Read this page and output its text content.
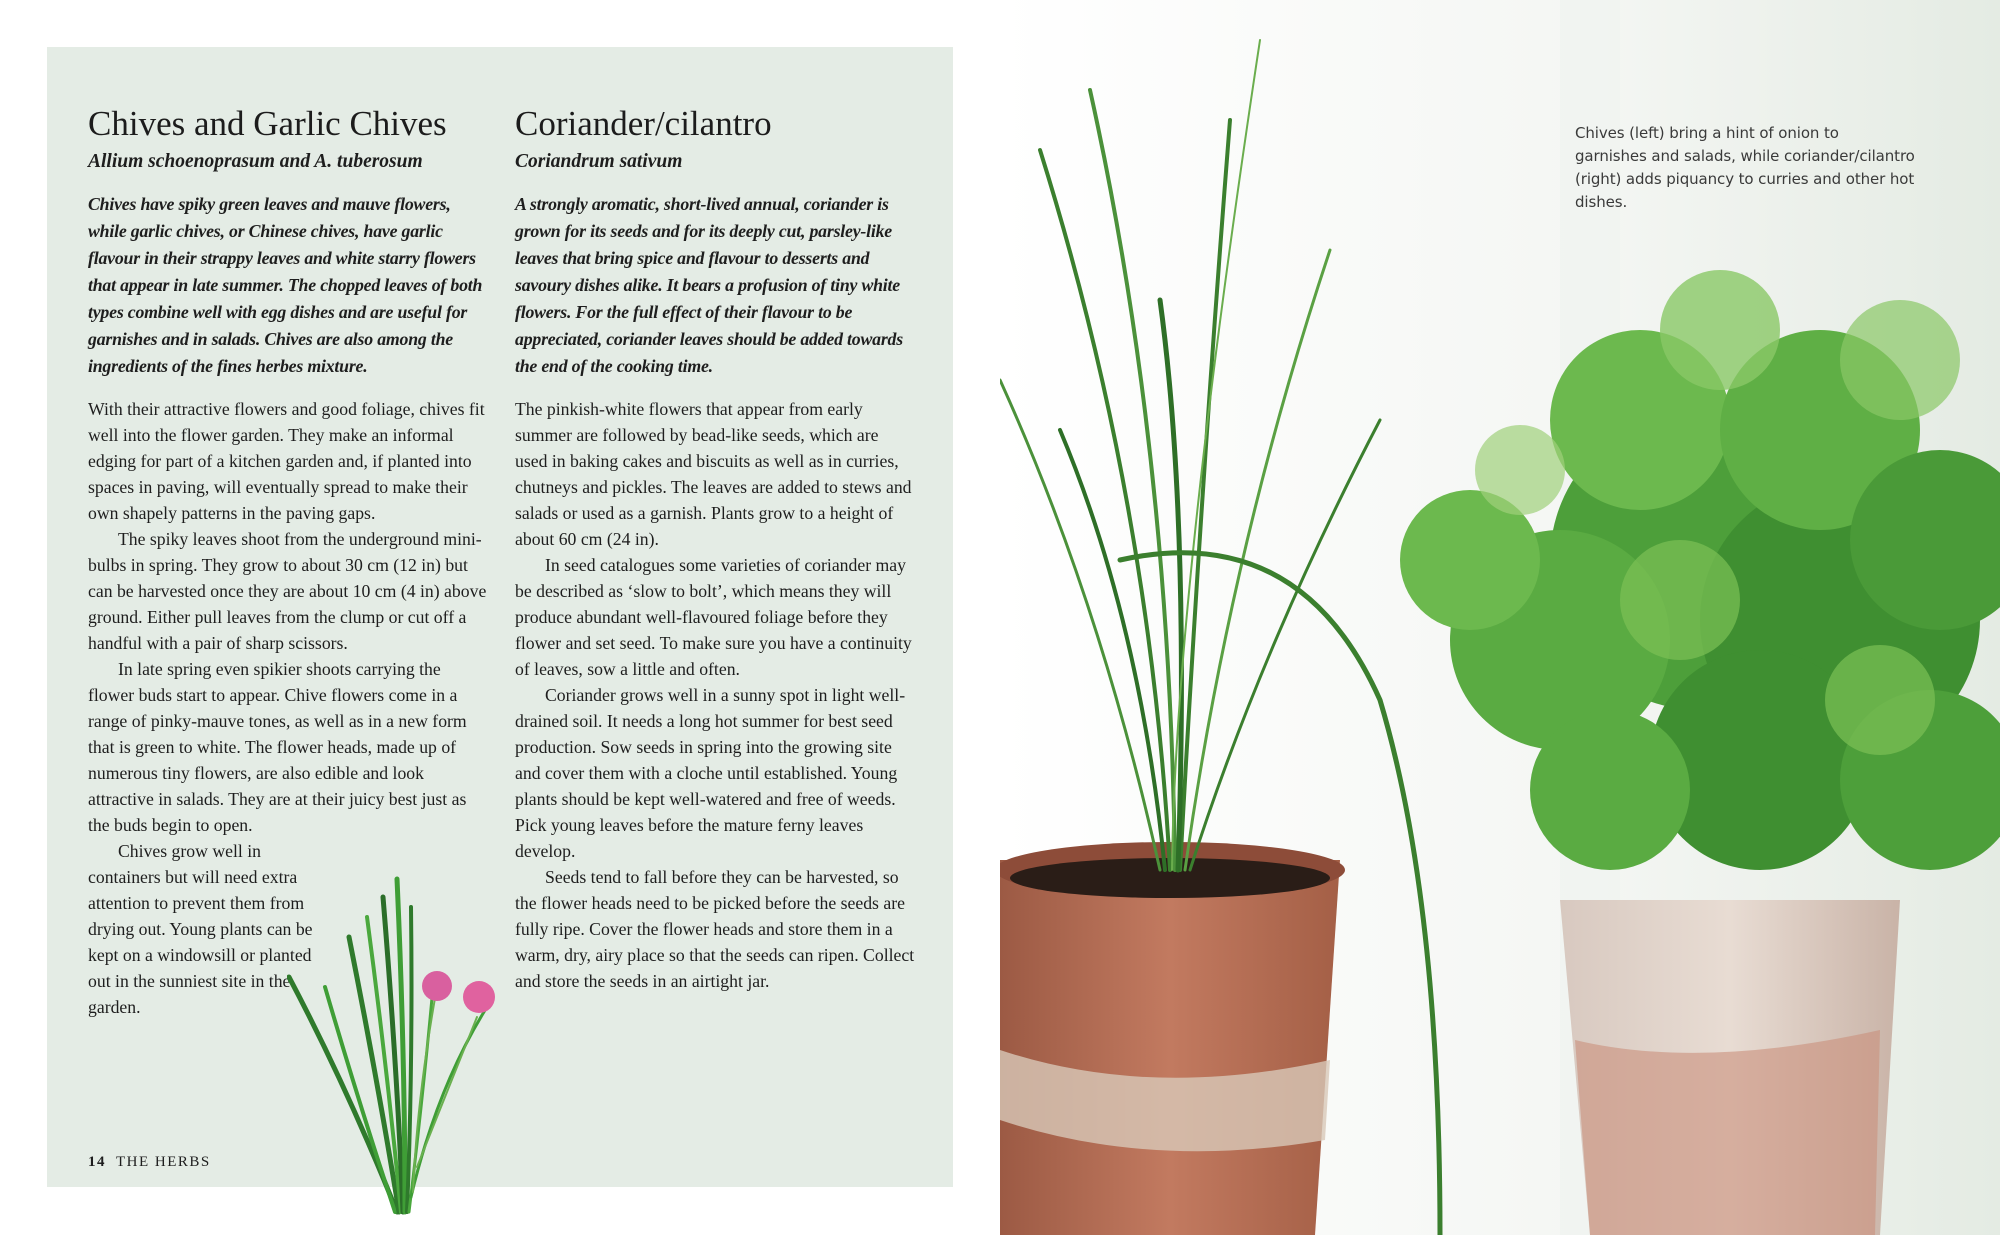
Chives and Garlic Chives
Allium schoenoprasum and A. tuberosum

Chives have spiky green leaves and mauve flowers, while garlic chives, or Chinese chives, have garlic flavour in their strappy leaves and white starry flowers that appear in late summer. The chopped leaves of both types combine well with egg dishes and are useful for garnishes and in salads. Chives are also among the ingredients of the fines herbes mixture.

With their attractive flowers and good foliage, chives fit well into the flower garden. They make an informal edging for part of a kitchen garden and, if planted into spaces in paving, will eventually spread to make their own shapely patterns in the paving gaps.

The spiky leaves shoot from the underground mini-bulbs in spring. They grow to about 30 cm (12 in) but can be harvested once they are about 10 cm (4 in) above ground. Either pull leaves from the clump or cut off a handful with a pair of sharp scissors.

In late spring even spikier shoots carrying the flower buds start to appear. Chive flowers come in a range of pinky-mauve tones, as well as in a new form that is green to white. The flower heads, made up of numerous tiny flowers, are also edible and look attractive in salads. They are at their juicy best just as the buds begin to open.

Chives grow well in containers but will need extra attention to prevent them from drying out. Young plants can be kept on a windowsill or planted out in the sunniest site in the garden.

Coriander/cilantro
Coriandrum sativum

A strongly aromatic, short-lived annual, coriander is grown for its seeds and for its deeply cut, parsley-like leaves that bring spice and flavour to desserts and savoury dishes alike. It bears a profusion of tiny white flowers. For the full effect of their flavour to be appreciated, coriander leaves should be added towards the end of the cooking time.

The pinkish-white flowers that appear from early summer are followed by bead-like seeds, which are used in baking cakes and biscuits as well as in curries, chutneys and pickles. The leaves are added to stews and salads or used as a garnish. Plants grow to a height of about 60 cm (24 in).

In seed catalogues some varieties of coriander may be described as ‘slow to bolt’, which means they will produce abundant well-flavoured foliage before they flower and set seed. To make sure you have a continuity of leaves, sow a little and often.

Coriander grows well in a sunny spot in light well-drained soil. It needs a long hot summer for best seed production. Sow seeds in spring into the growing site and cover them with a cloche until established. Young plants should be kept well-watered and free of weeds. Pick young leaves before the mature ferny leaves develop.

Seeds tend to fall before they can be harvested, so the flower heads need to be picked before the seeds are fully ripe. Cover the flower heads and store them in a warm, dry, airy place so that the seeds can ripen. Collect and store the seeds in an airtight jar.

14 THE HERBS
Chives (left) bring a hint of onion to garnishes and salads, while coriander/cilantro (right) adds piquancy to curries and other hot dishes.
